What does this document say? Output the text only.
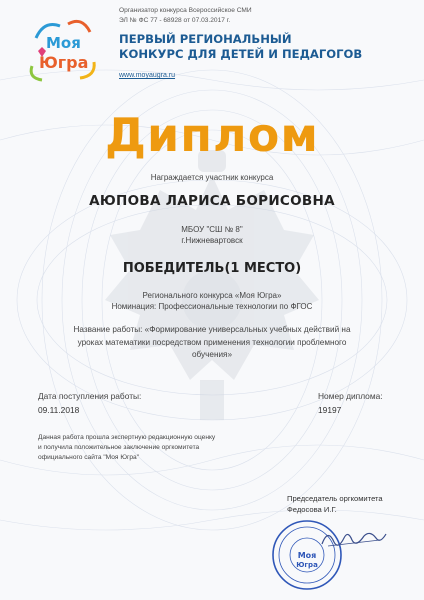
Моя
Югра
Организатор конкурса Всероссийское СМИ
ЭЛ № ФС 77 - 68928 от 07.03.2017 г.
ПЕРВЫЙ РЕГИОНАЛЬНЫЙ
КОНКУРС ДЛЯ ДЕТЕЙ И ПЕДАГОГОВ
www.moyaugra.ru
Диплом
Награждается участник конкурса
АЮПОВА ЛАРИСА БОРИСОВНА
МБОУ "СШ № 8"
г.Нижневартовск
ПОБЕДИТЕЛЬ(1 МЕСТО)
Регионального конкурса «Моя Югра»
Номинация: Профессиональные технологии по ФГОС
Название работы: «Формирование универсальных учебных действий на
уроках математики посредством применения технологии проблемного
обучения»
Дата поступления работы:
09.11.2018
Номер диплома:
19197
Данная работа прошла экспертную редакционную оценку
и получила положительное заключение оргкомитета
официального сайта "Моя Югра"
Председатель оргкомитета
Федосова И.Г.
Моя
Югра
